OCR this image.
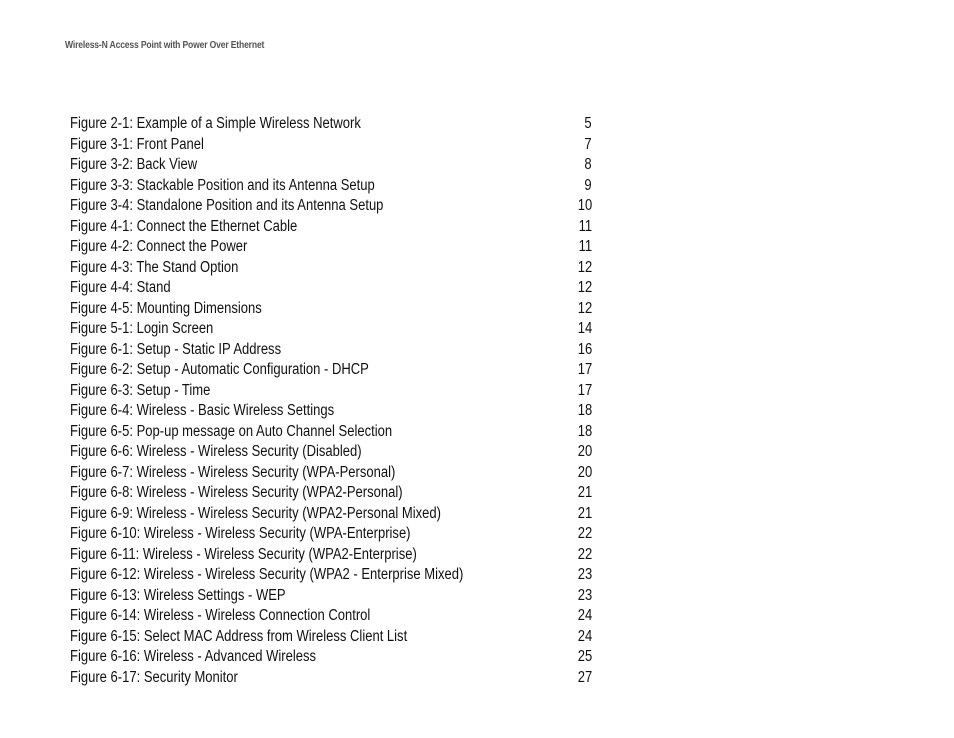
Wireless-N Access Point with Power Over Ethernet
Figure 2-1: Example of a Simple Wireless Network	5
Figure 3-1: Front Panel	7
Figure 3-2: Back View	8
Figure 3-3: Stackable Position and its Antenna Setup	9
Figure 3-4: Standalone Position and its Antenna Setup	10
Figure 4-1: Connect the Ethernet Cable	11
Figure 4-2: Connect the Power	11
Figure 4-3: The Stand Option	12
Figure 4-4: Stand	12
Figure 4-5: Mounting Dimensions	12
Figure 5-1: Login Screen	14
Figure 6-1: Setup - Static IP Address	16
Figure 6-2: Setup - Automatic Configuration - DHCP	17
Figure 6-3: Setup - Time	17
Figure 6-4: Wireless - Basic Wireless Settings	18
Figure 6-5: Pop-up message on Auto Channel Selection	18
Figure 6-6: Wireless - Wireless Security (Disabled)	20
Figure 6-7: Wireless - Wireless Security (WPA-Personal)	20
Figure 6-8: Wireless - Wireless Security (WPA2-Personal)	21
Figure 6-9: Wireless - Wireless Security (WPA2-Personal Mixed)	21
Figure 6-10: Wireless - Wireless Security (WPA-Enterprise)	22
Figure 6-11: Wireless - Wireless Security (WPA2-Enterprise)	22
Figure 6-12: Wireless - Wireless Security (WPA2 - Enterprise Mixed)	23
Figure 6-13: Wireless Settings - WEP	23
Figure 6-14: Wireless - Wireless Connection Control	24
Figure 6-15: Select MAC Address from Wireless Client List	24
Figure 6-16: Wireless - Advanced Wireless	25
Figure 6-17: Security Monitor	27
